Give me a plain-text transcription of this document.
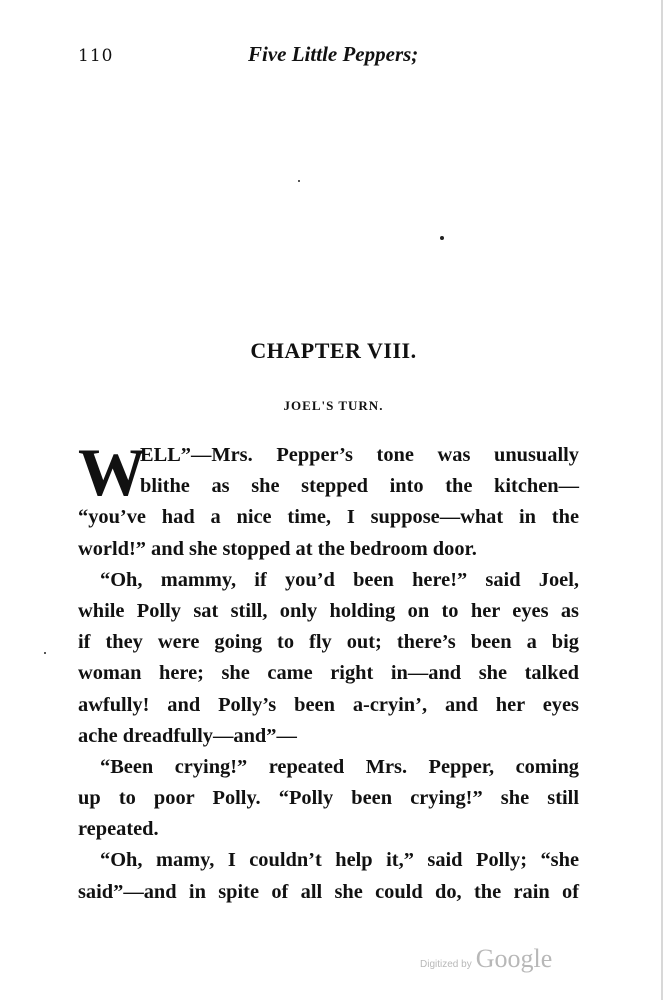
110	Five Little Peppers;
CHAPTER VIII.
JOEL'S TURN.
W
ELL”—Mrs. Pepper’s tone was unusually
blithe as she stepped into the kitchen—
“you’ve had a nice time, I suppose—what in the
world!” and she stopped at the bedroom door.
“Oh, mammy, if you’d been here!” said Joel,
while Polly sat still, only holding on to her eyes as
if they were going to fly out; there’s been a big
woman here; she came right in—and she talked
awfully! and Polly’s been a-cryin’, and her eyes
ache dreadfully—and”—
“Been crying!” repeated Mrs. Pepper, coming
up to poor Polly. “Polly been crying!” she still
repeated.
“Oh, mamy, I couldn’t help it,” said Polly; “she
said”—and in spite of all she could do, the rain of
Digitized by Google
